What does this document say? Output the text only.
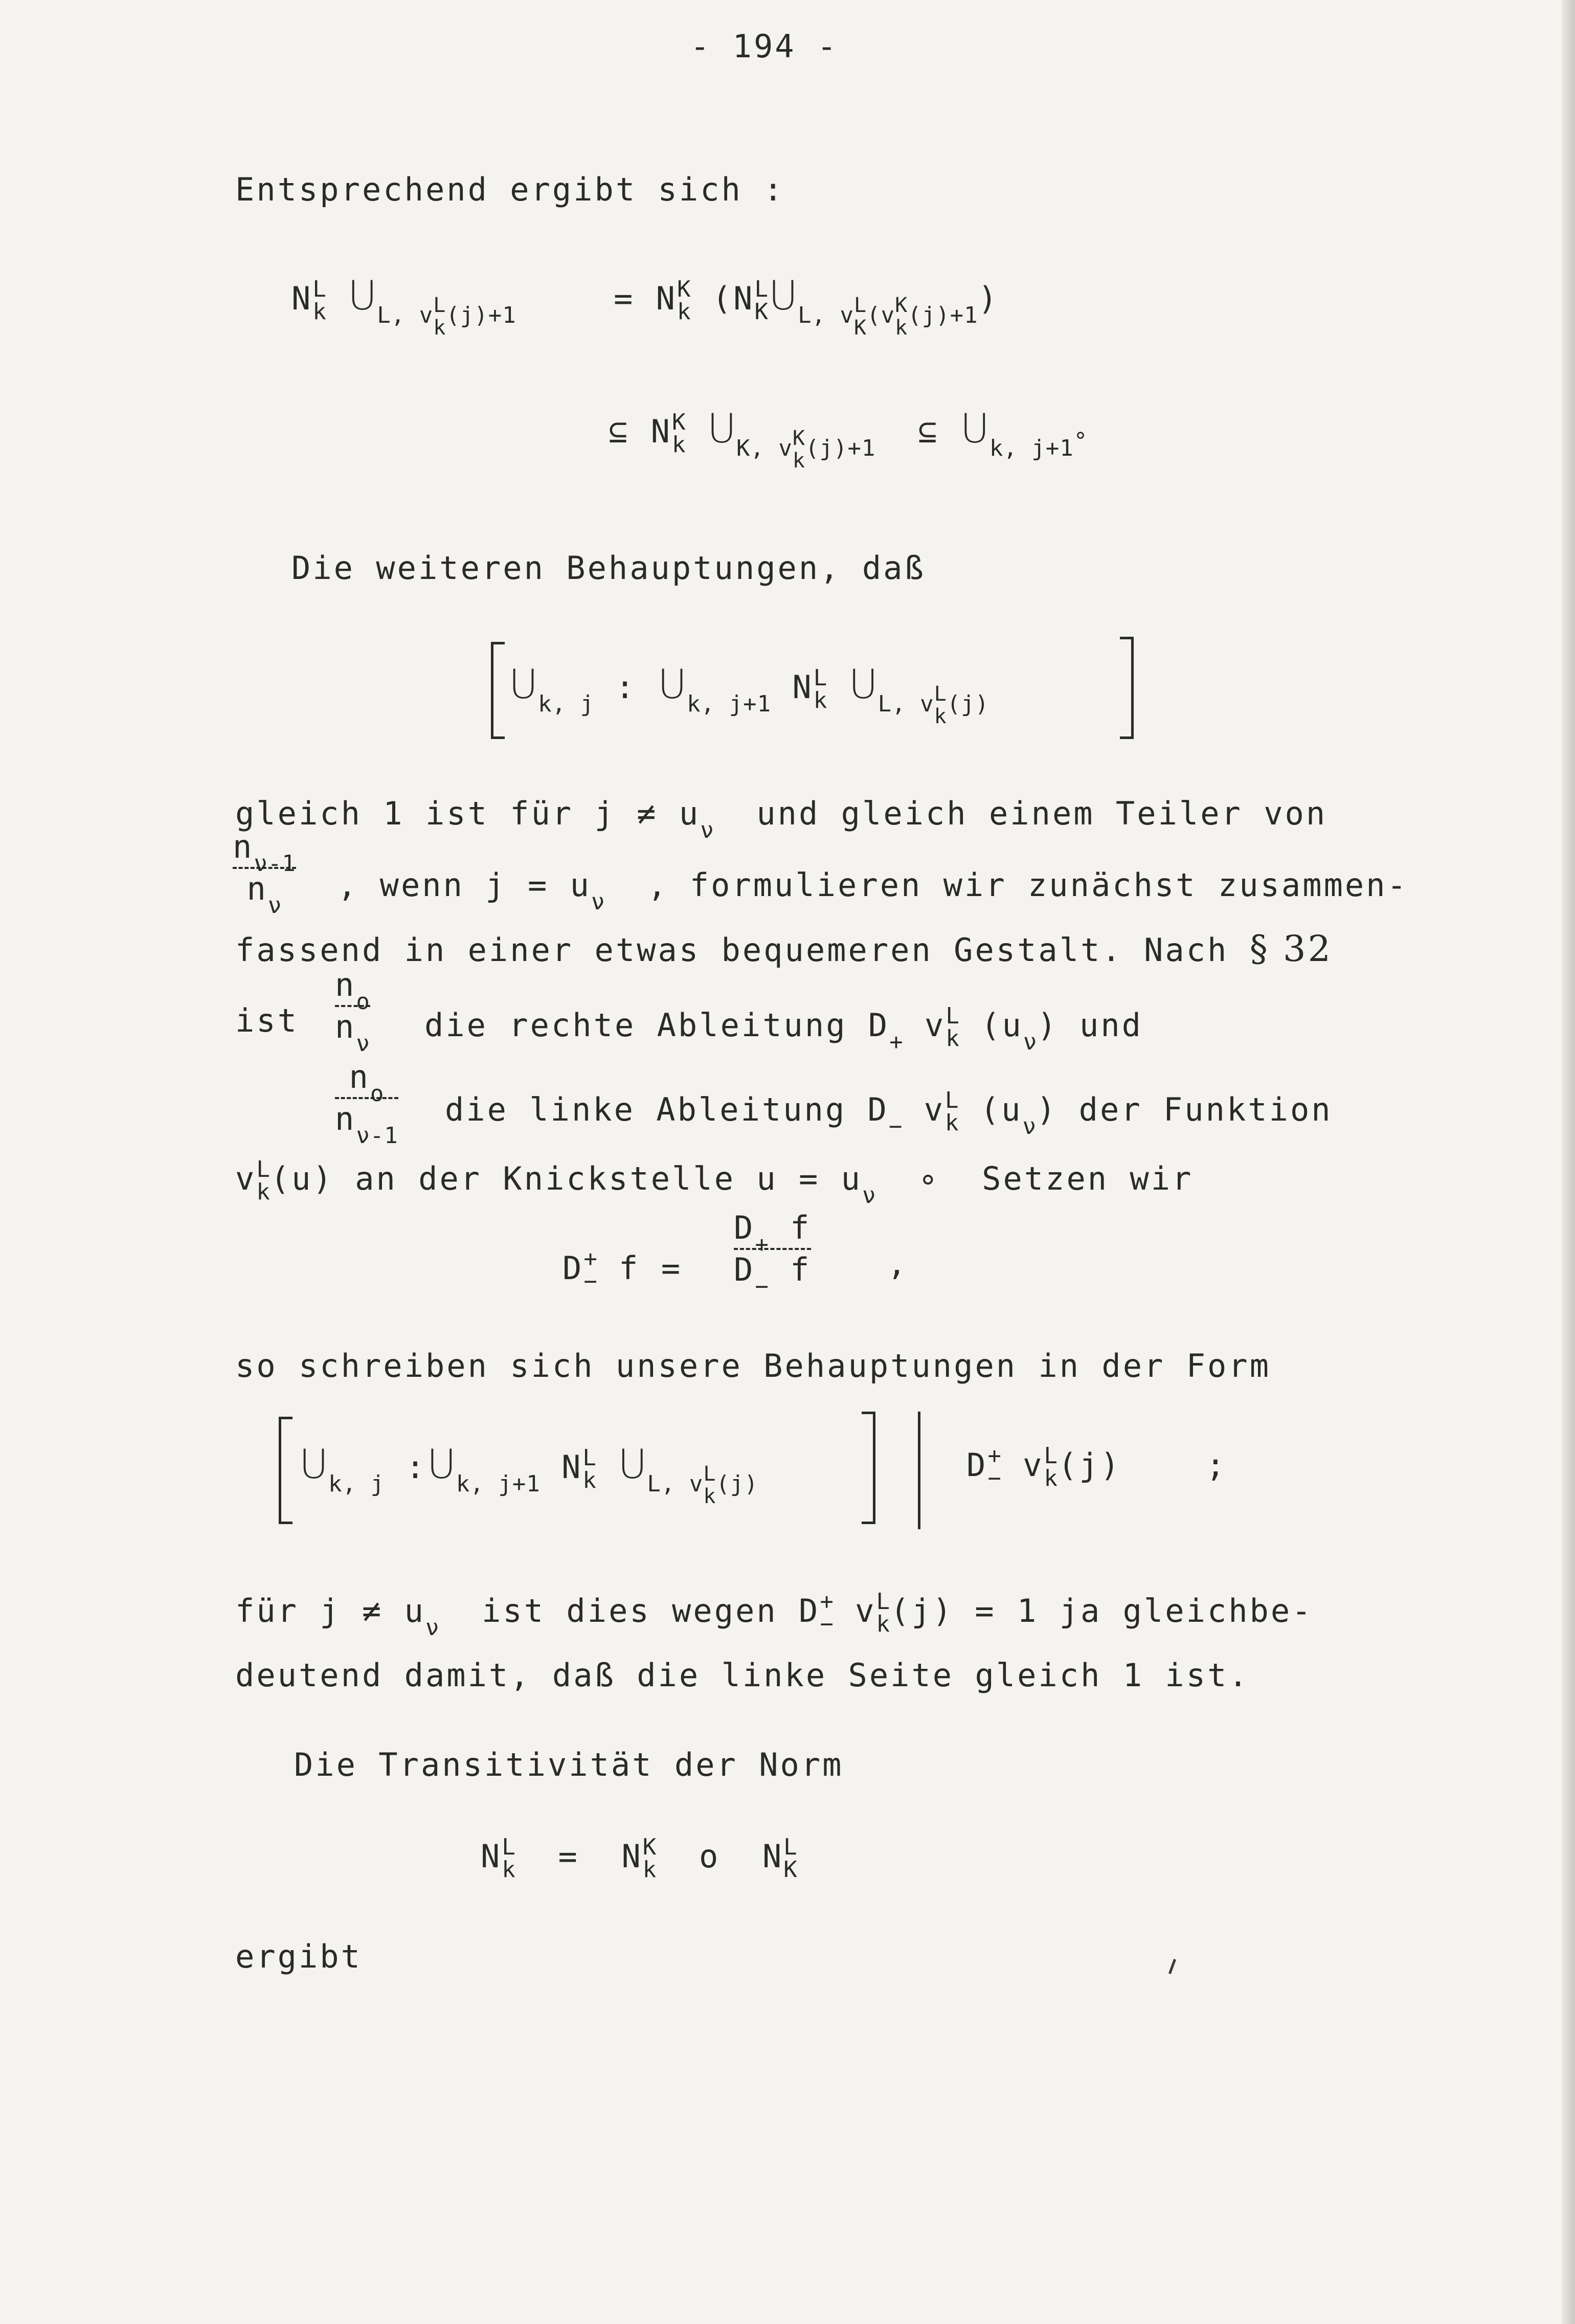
- 194 -
Entsprechend ergibt sich :
N L
k $U_{L, v L k (j)+1}$	= N K
k (N L
K $U_{L, v L K (v K k (j)+1}$)
⊆ N K
k $U_{K, v K k (j)+1}$ ⊆ $U_{k, j+1}\circ$
Die weiteren Behauptungen, daß
$U_{k, j}$ : $U_{k, j+1}$ N L
k $U_{L, v L k (j)}$
gleich 1 ist für $j \ne u_\nu$ und gleich einem Teiler von
$n_{\nu-1}$
$n_\nu$
, wenn $j = u_\nu$ , formulieren wir zunächst zusammen-
fassend in einer etwas bequemeren Gestalt. Nach § 32
ist
$n_o$
$n_\nu$ die rechte Ableitung $D_+$ v L
k $(u_\nu)$ und
$n_o$
$n_{\nu-1}$
die linke Ableitung $D_-$ v L
k $(u_\nu)$ der Funktion
v L
k (u) an der Knickstelle $u = u_\nu$ ∘ Setzen wir
D +
− f =
$D_+$ f
$D_-$ f ,
so schreiben sich unsere Behauptungen in der Form
$U_{k, j}$ $:U_{k, j+1}$ N L
k $U_{L, v L k (j)}$
D +
− v L
k (j)    ;
für $j \ne u_\nu$ ist dies wegen D +
− v L
k (j) = 1 ja gleichbe-
deutend damit, daß die linke Seite gleich 1 ist.
Die Transitivität der Norm
N L
k = N K
k o N L
K
ergibt
